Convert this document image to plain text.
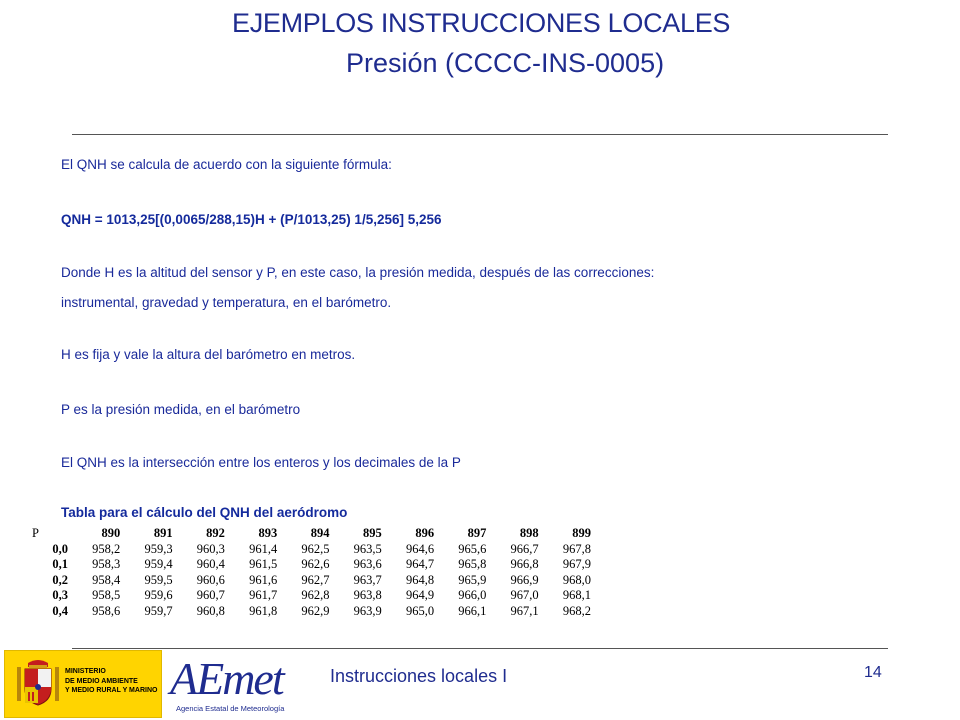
EJEMPLOS INSTRUCCIONES LOCALES
Presión (CCCC-INS-0005)
El QNH se calcula de acuerdo con la siguiente fórmula:
QNH = 1013,25[(0,0065/288,15)H + (P/1013,25) 1/5,256] 5,256
Donde H es la altitud del sensor y P, en este caso, la presión medida, después de las correcciones:
instrumental, gravedad y temperatura, en el barómetro.
H es fija y vale la altura del barómetro en metros.
P es la presión medida, en el barómetro
El QNH es la intersección entre los enteros y los decimales de la P
Tabla para el cálculo del QNH del aeródromo
P	890	891	892	893	894	895	896	897	898	899
0,0	958,2	959,3	960,3	961,4	962,5	963,5	964,6	965,6	966,7	967,8
0,1	958,3	959,4	960,4	961,5	962,6	963,6	964,7	965,8	966,8	967,9
0,2	958,4	959,5	960,6	961,6	962,7	963,7	964,8	965,9	966,9	968,0
0,3	958,5	959,6	960,7	961,7	962,8	963,8	964,9	966,0	967,0	968,1
0,4	958,6	959,7	960,8	961,8	962,9	963,9	965,0	966,1	967,1	968,2
MINISTERIO
DE MEDIO AMBIENTE
Y MEDIO RURAL Y MARINO AEmet
Agencia Estatal de Meteorología
Instrucciones locales I	14
